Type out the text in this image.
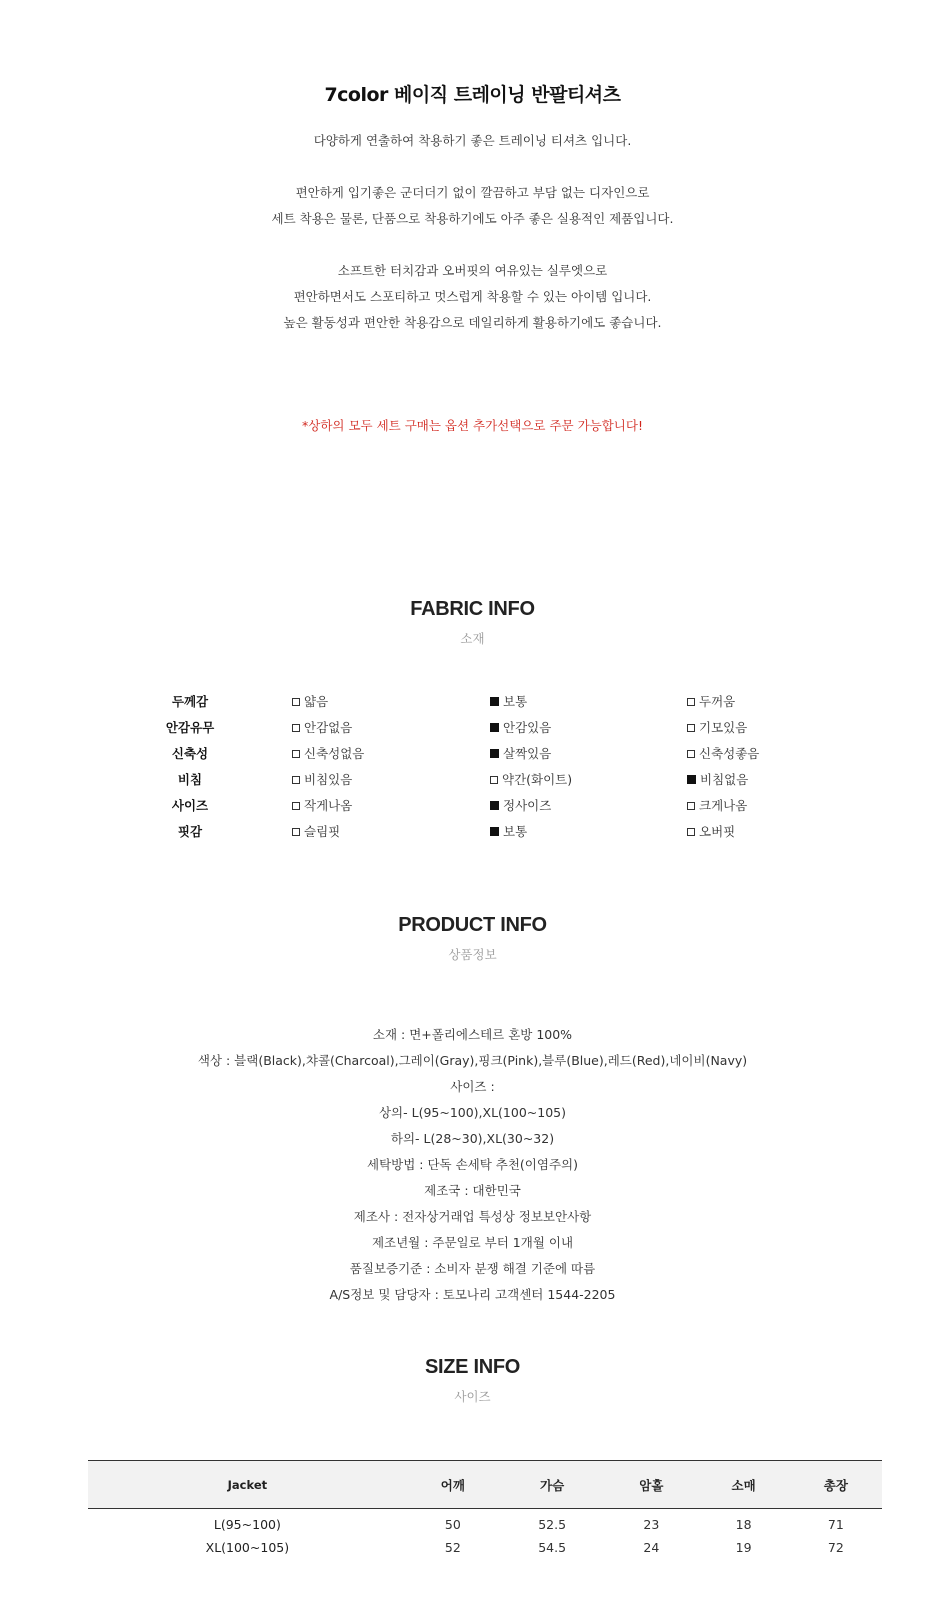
7color 베이직 트레이닝 반팔티셔츠
다양하게 연출하여 착용하기 좋은 트레이닝 티셔츠 입니다.
편안하게 입기좋은 군더더기 없이 깔끔하고 부담 없는 디자인으로
세트 착용은 물론, 단품으로 착용하기에도 아주 좋은 실용적인 제품입니다.
소프트한 터치감과 오버핏의 여유있는 실루엣으로
편안하면서도 스포티하고 멋스럽게 착용할 수 있는 아이템 입니다.
높은 활동성과 편안한 착용감으로 데일리하게 활용하기에도 좋습니다.
*상하의 모두 세트 구매는 옵션 추가선택으로 주문 가능합니다!
FABRIC INFO
소재
두께감	얇음	보통	두꺼움
안감유무	안감없음	안감있음	기모있음
신축성	신축성없음	살짝있음	신축성좋음
비침	비침있음	약간(화이트)	비침없음
사이즈	작게나옴	정사이즈	크게나옴
핏감	슬림핏	보통	오버핏
PRODUCT INFO
상품정보
소재 : 면+폴리에스테르 혼방 100%
색상 : 블랙(Black),챠콜(Charcoal),그레이(Gray),핑크(Pink),블루(Blue),레드(Red),네이비(Navy)
사이즈 :
상의- L(95~100),XL(100~105)
하의- L(28~30),XL(30~32)
세탁방법 : 단독 손세탁 추천(이염주의)
제조국 : 대한민국
제조사 : 전자상거래업 특성상 정보보안사항
제조년월 : 주문일로 부터 1개월 이내
품질보증기준 : 소비자 분쟁 해결 기준에 따름
A/S정보 및 담당자 : 토모나리 고객센터 1544-2205
SIZE INFO
사이즈
Jacket	어깨	가슴	암홀	소매	총장
L(95~100)	50	52.5	23	18	71
XL(100~105)	52	54.5	24	19	72
